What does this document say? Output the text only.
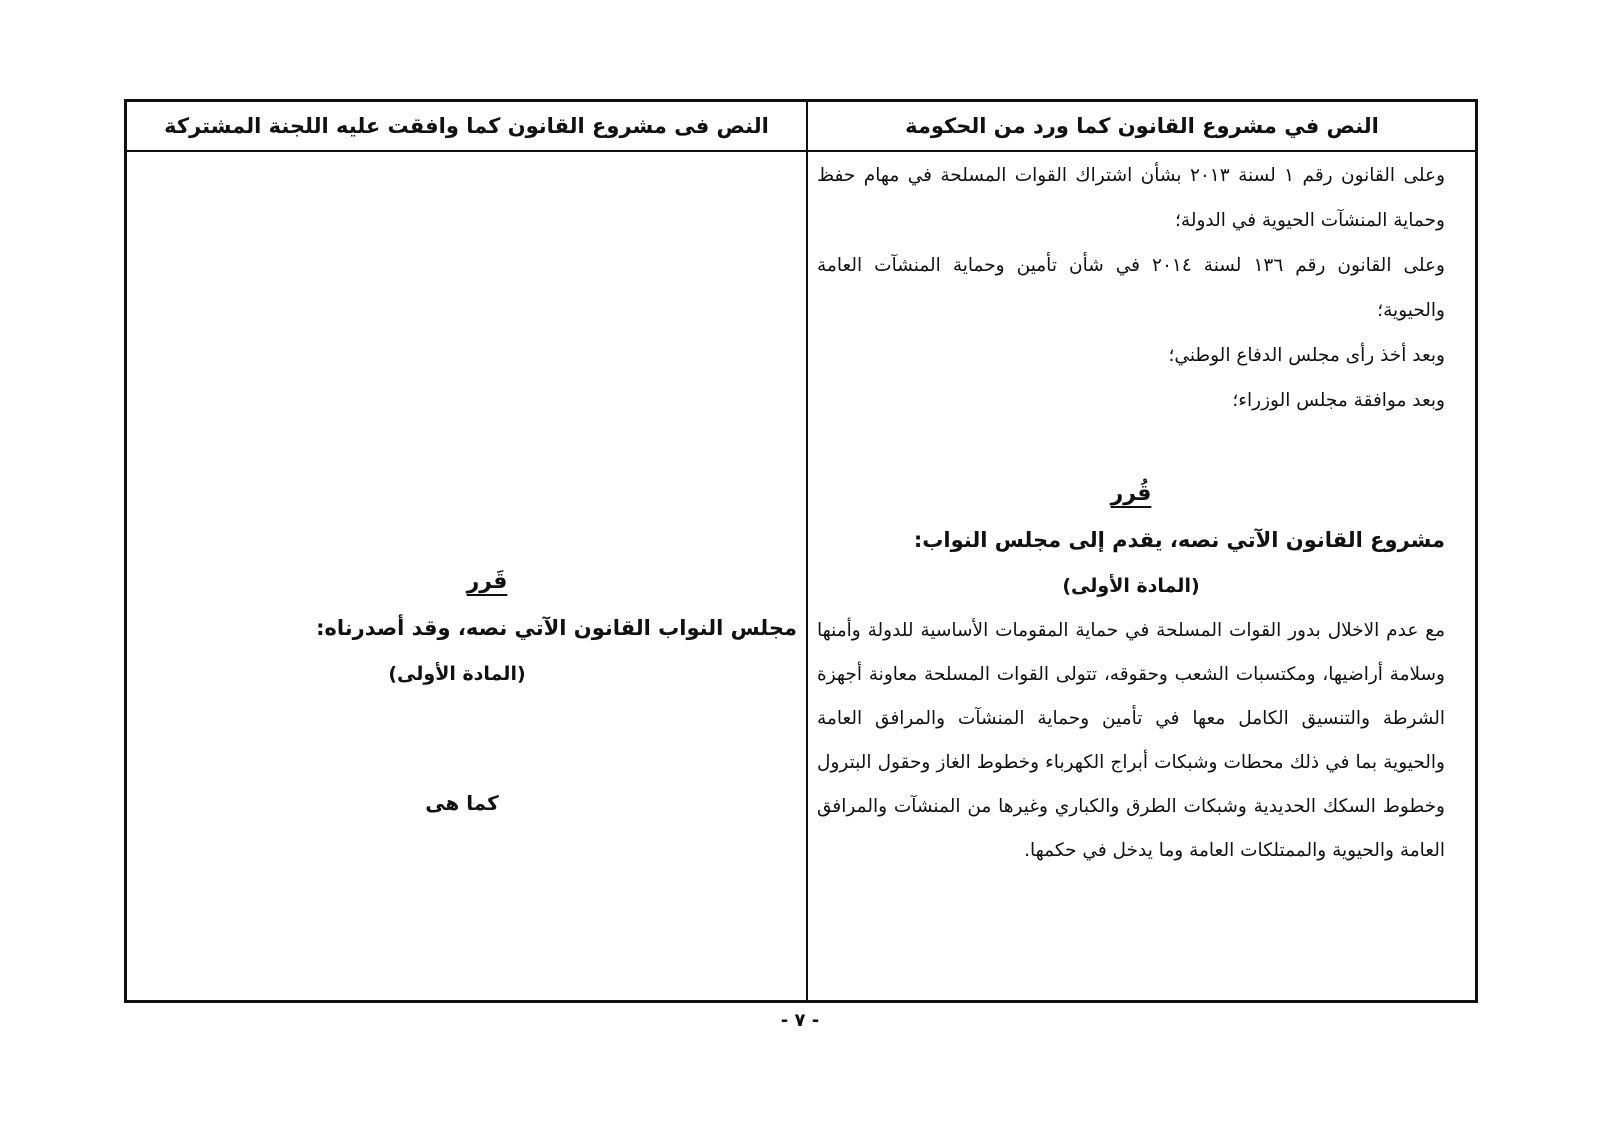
النص في مشروع القانون كما ورد من الحكومة
النص فى مشروع القانون كما وافقت عليه اللجنة المشتركة

وعلى القانون رقم ١ لسنة ٢٠١٣ بشأن اشتراك القوات المسلحة في مهام حفظ وحماية المنشآت الحيوية في الدولة؛

وعلى القانون رقم ١٣٦ لسنة ٢٠١٤ في شأن تأمين وحماية المنشآت العامة والحيوية؛

وبعد أخذ رأى مجلس الدفاع الوطني؛

وبعد موافقة مجلس الوزراء؛

قُرر

مشروع القانون الآتي نصه، يقدم إلى مجلس النواب:

(المادة الأولى)

مع عدم الاخلال بدور القوات المسلحة في حماية المقومات الأساسية للدولة وأمنها وسلامة أراضيها، ومكتسبات الشعب وحقوقه، تتولى القوات المسلحة معاونة أجهزة الشرطة والتنسيق الكامل معها في تأمين وحماية المنشآت والمرافق العامة والحيوية بما في ذلك محطات وشبكات أبراج الكهرباء وخطوط الغاز وحقول البترول وخطوط السكك الحديدية وشبكات الطرق والكباري وغيرها من المنشآت والمرافق العامة والحيوية والممتلكات العامة وما يدخل في حكمها.

قَرر
مجلس النواب القانون الآتي نصه، وقد أصدرناه:
(المادة الأولى)
كما هى
- ٧ -
